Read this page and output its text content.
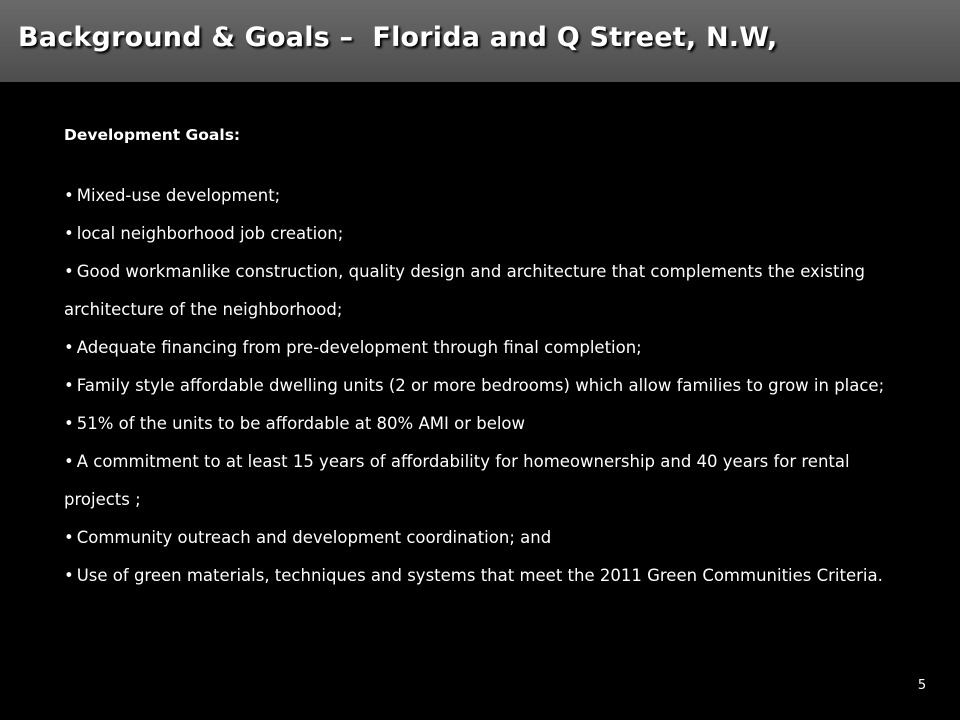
Background & Goals –  Florida and Q Street, N.W,

Development Goals:

• Mixed-use development;
• local neighborhood job creation;
• Good workmanlike construction, quality design and architecture that complements the existing architecture of the neighborhood;
• Adequate financing from pre-development through final completion;
• Family style affordable dwelling units (2 or more bedrooms) which allow families to grow in place;
• 51% of the units to be affordable at 80% AMI or below
• A commitment to at least 15 years of affordability for homeownership and 40 years for rental projects ;
• Community outreach and development coordination; and
• Use of green materials, techniques and systems that meet the 2011 Green Communities Criteria.
5
